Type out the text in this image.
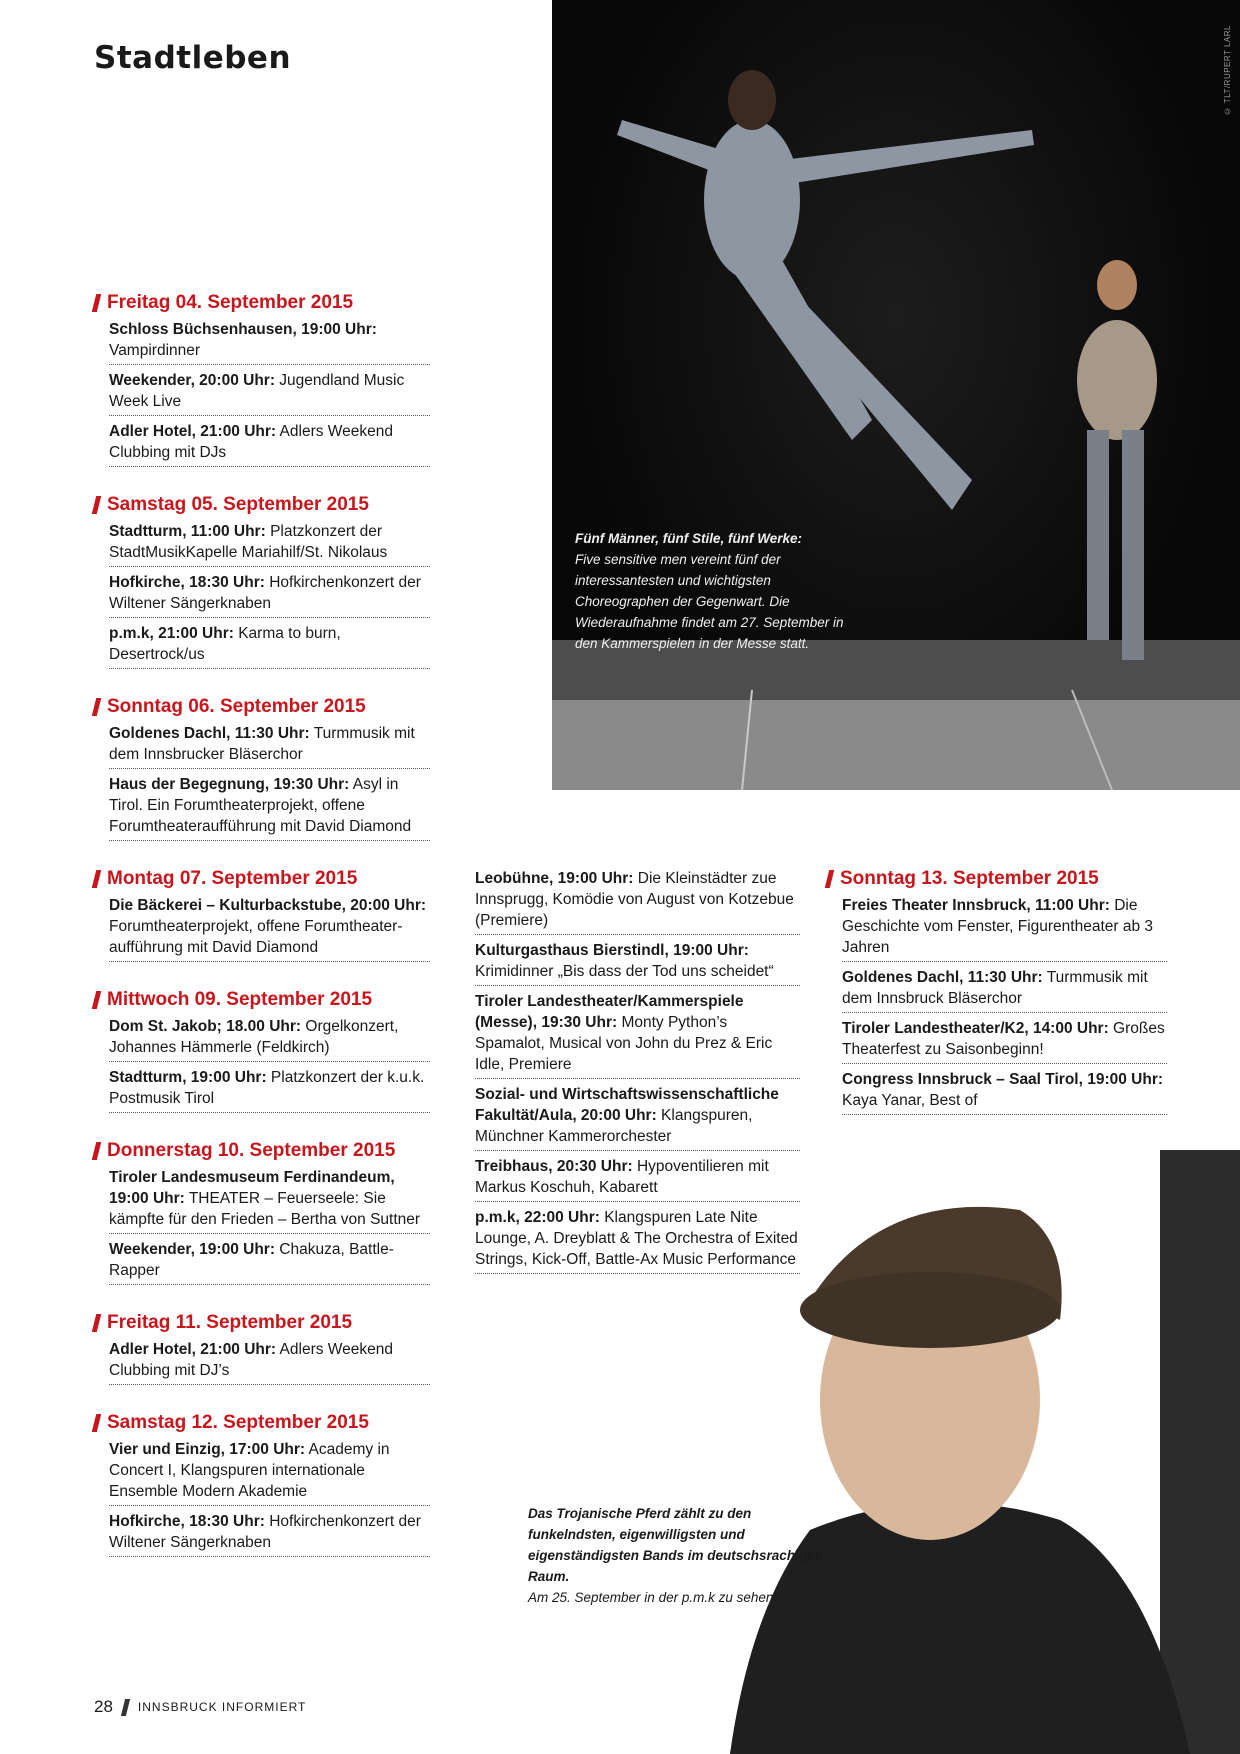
Stadtleben	© TLT/RUPERT LARL
Fünf Männer, fünf Stile, fünf Werke:
Five sensitive men vereint fünf der interessantesten und wichtigsten Choreographen der Gegenwart. Die Wiederaufnahme findet am 27. September in den Kammerspielen in der Messe statt.
Das Trojanische Pferd zählt zu den funkelndsten, eigenwilligsten und eigenständigsten Bands im deutschsrachigen Raum.
Am 25. September in der p.m.k zu sehen.
Freitag 04. September 2015
Schloss Büchsenhausen, 19:00 Uhr: Vampirdinner
Weekender, 20:00 Uhr: Jugendland Music Week Live
Adler Hotel, 21:00 Uhr: Adlers Weekend Clubbing mit DJs
Samstag 05. September 2015
Stadtturm, 11:00 Uhr: Platzkonzert der StadtMusikKapelle Mariahilf/St. Nikolaus
Hofkirche, 18:30 Uhr: Hofkirchenkonzert der Wiltener Sängerknaben
p.m.k, 21:00 Uhr: Karma to burn, Desertrock/us
Sonntag 06. September 2015
Goldenes Dachl, 11:30 Uhr: Turmmusik mit dem Innsbrucker Bläserchor
Haus der Begegnung, 19:30 Uhr: Asyl in Tirol. Ein Forumtheaterprojekt, offene Forumtheateraufführung mit David Diamond
Montag 07. September 2015
Die Bäckerei – Kulturbackstube, 20:00 Uhr: Forumtheaterprojekt, offene Forumtheateraufführung mit David Diamond
Mittwoch 09. September 2015
Dom St. Jakob; 18.00 Uhr: Orgelkonzert, Johannes Hämmerle (Feldkirch)
Stadtturm, 19:00 Uhr: Platzkonzert der k.u.k. Postmusik Tirol
Donnerstag 10. September 2015
Tiroler Landesmuseum Ferdinandeum, 19:00 Uhr: THEATER – Feuerseele: Sie kämpfte für den Frieden – Bertha von Suttner
Weekender, 19:00 Uhr: Chakuza, Battle-Rapper
Freitag 11. September 2015
Adler Hotel, 21:00 Uhr: Adlers Weekend Clubbing mit DJ’s
Samstag 12. September 2015
Vier und Einzig, 17:00 Uhr: Academy in Concert I, Klangspuren internationale Ensemble Modern Akademie
Hofkirche, 18:30 Uhr: Hofkirchenkonzert der Wiltener Sängerknaben
Leobühne, 19:00 Uhr: Die Kleinstädter zue Innsprugg, Komödie von August von Kotzebue (Premiere)
Kulturgasthaus Bierstindl, 19:00 Uhr: Krimidinner „Bis dass der Tod uns scheidet“
Tiroler Landestheater/Kammerspiele (Messe), 19:30 Uhr: Monty Python’s Spamalot, Musical von John du Prez & Eric Idle, Premiere
Sozial- und Wirtschaftswissenschaftliche Fakultät/Aula, 20:00 Uhr: Klangspuren, Münchner Kammerorchester
Treibhaus, 20:30 Uhr: Hypoventilieren mit Markus Koschuh, Kabarett
p.m.k, 22:00 Uhr: Klangspuren Late Nite Lounge, A. Dreyblatt & The Orchestra of Exited Strings, Kick-Off, Battle-Ax Music Performance
Sonntag 13. September 2015
Freies Theater Innsbruck, 11:00 Uhr: Die Geschichte vom Fenster, Figurentheater ab 3 Jahren
Goldenes Dachl, 11:30 Uhr: Turmmusik mit dem Innsbruck Bläserchor
Tiroler Landestheater/K2, 14:00 Uhr: Großes Theaterfest zu Saisonbeginn!
Congress Innsbruck – Saal Tirol, 19:00 Uhr: Kaya Yanar, Best of
28 INNSBRUCK INFORMIERT
